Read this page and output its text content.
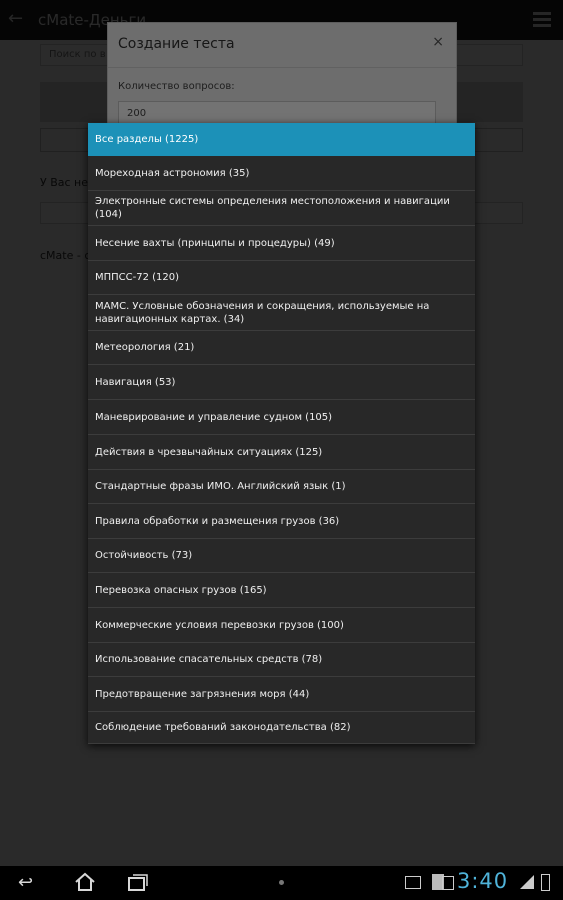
Все разделы (1225)
Мореходная астрономия (35)
Электронные системы определения местоположения и навигации (104)
Несение вахты (принципы и процедуры) (49)
МППСС-72 (120)
МАМС. Условные обозначения и сокращения, используемые на навигационных картах. (34)
Метеорология (21)
Навигация (53)
Маневрирование и управление судном (105)
Действия в чрезвычайных ситуациях (125)
Стандартные фразы ИМО. Английский язык (1)
Правила обработки и размещения грузов (36)
Остойчивость (73)
Перевозка опасных грузов (165)
Коммерческие условия перевозки грузов (100)
Использование спасательных средств (78)
Предотвращение загрязнения моря (44)
Соблюдение требований законодательства (82)
↩	3:40
